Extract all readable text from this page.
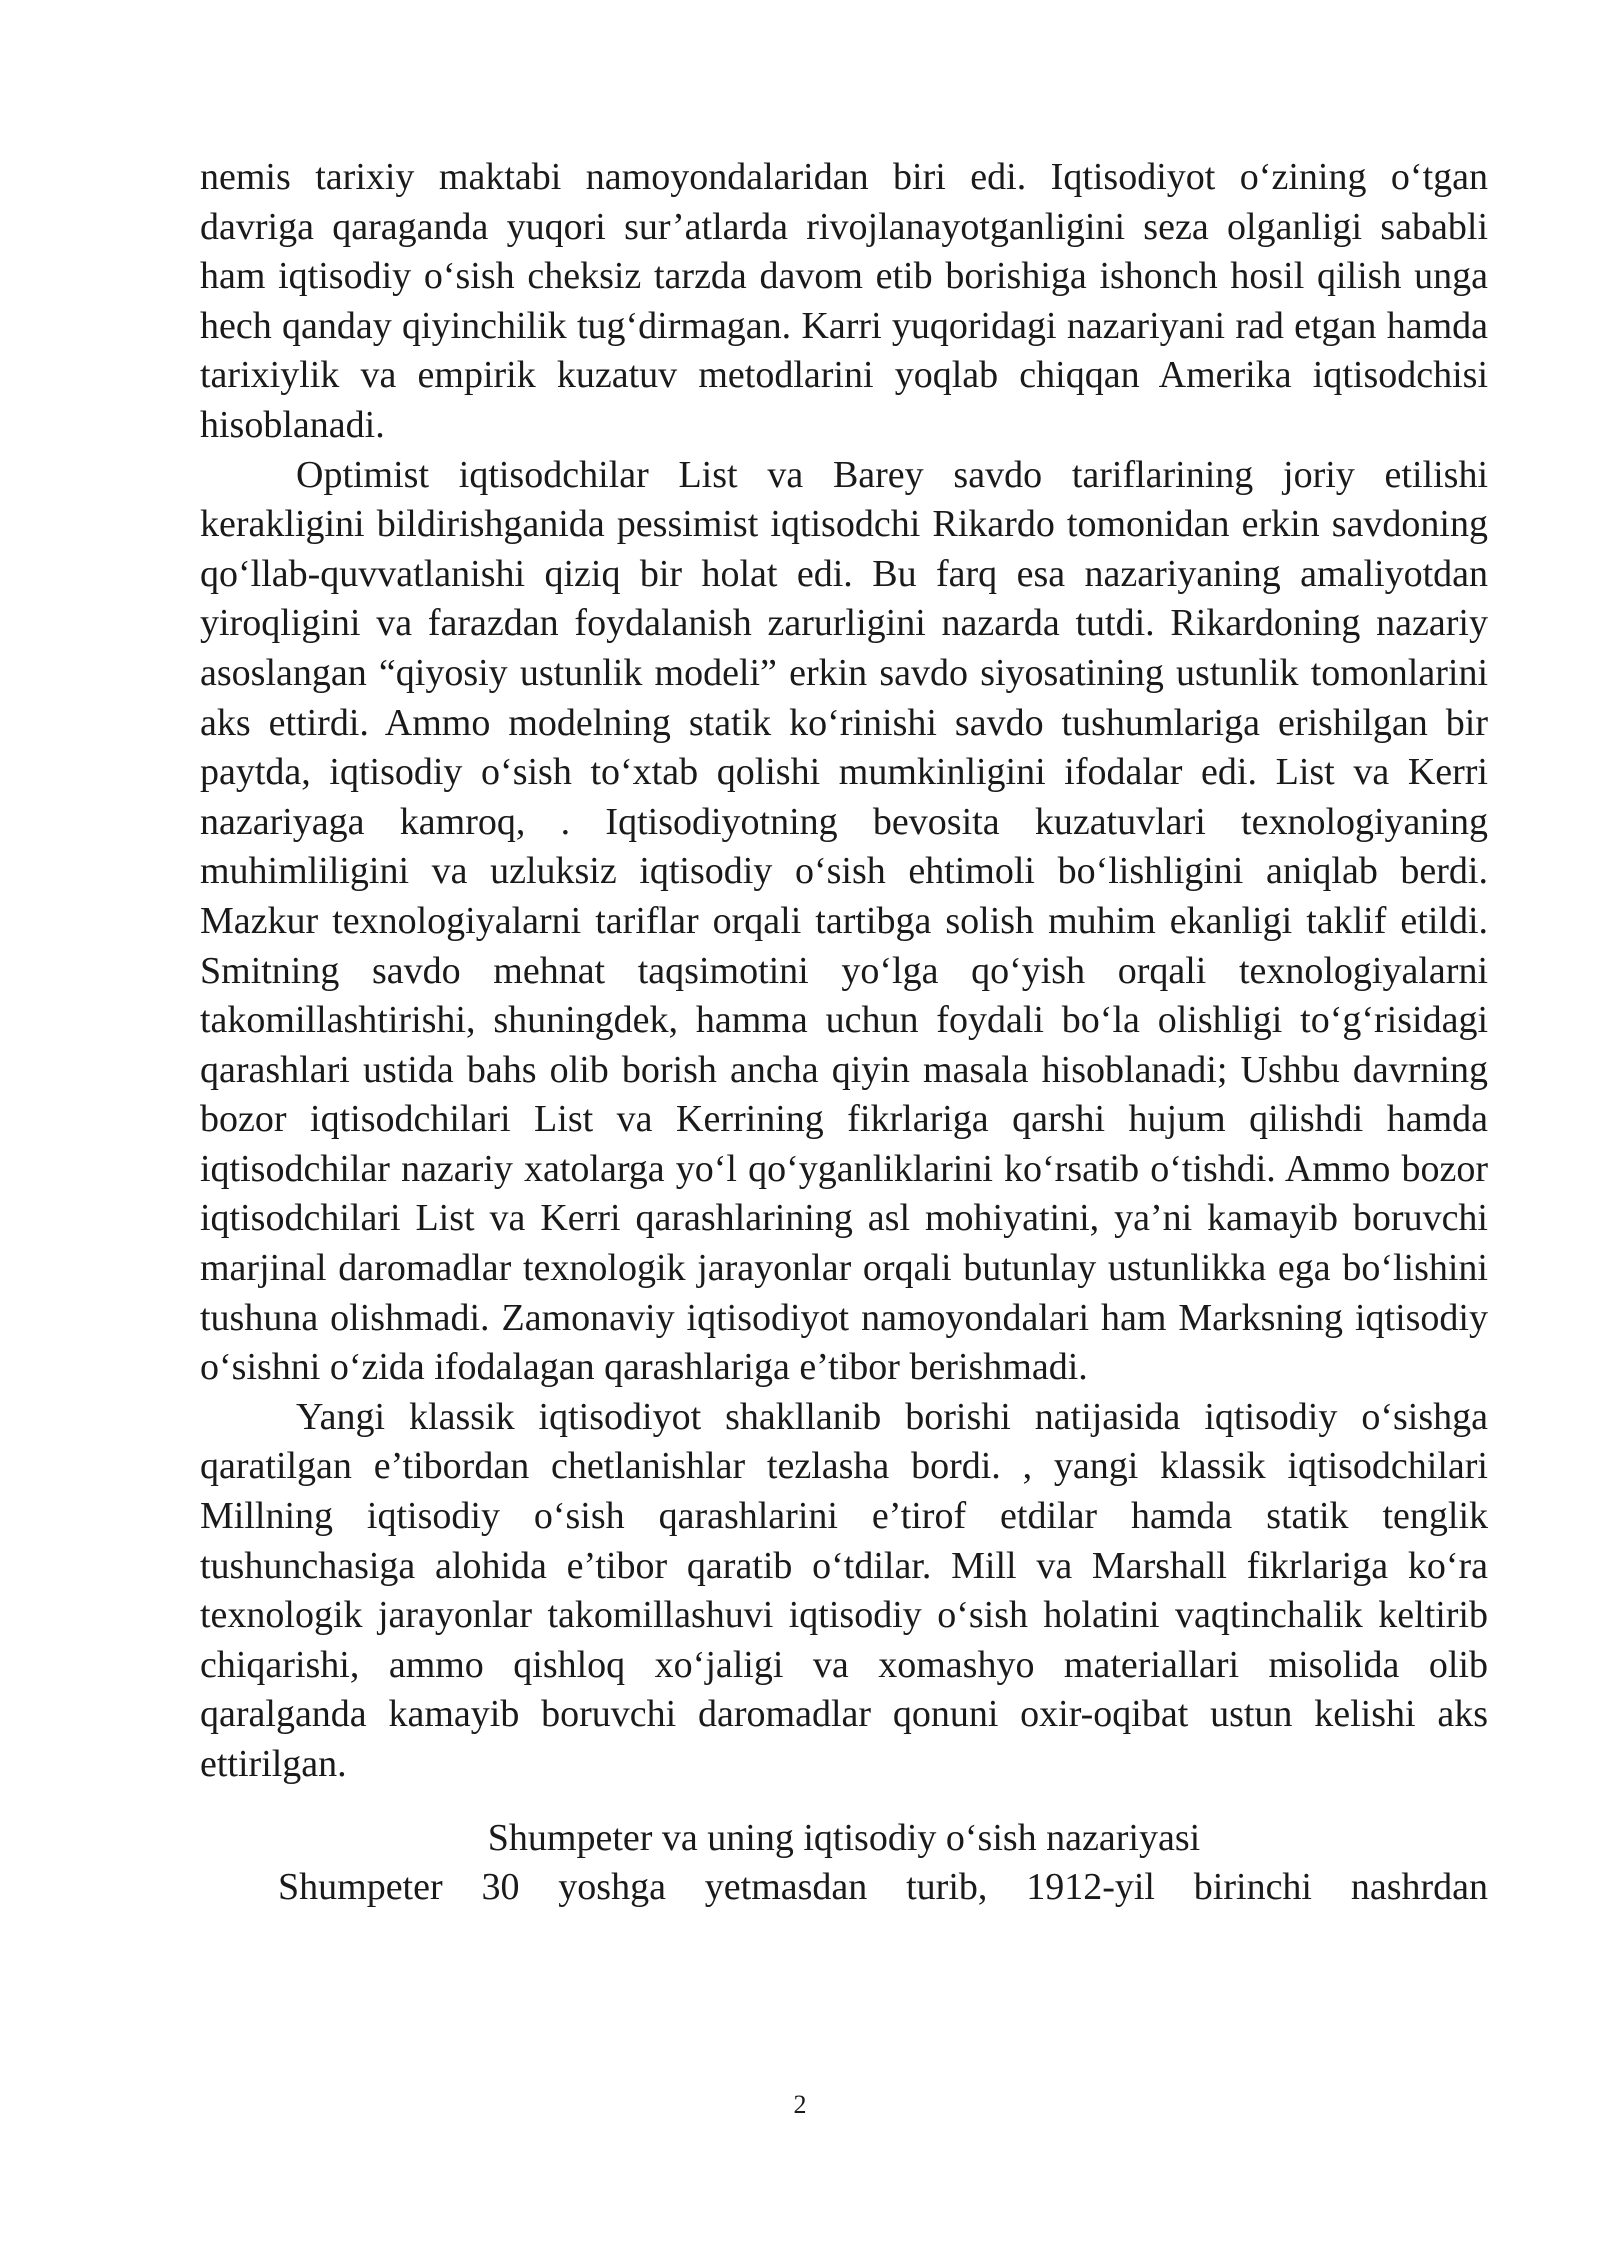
nemis tarixiy maktabi namoyondalaridan biri edi. Iqtisodiyot o‘zining o‘tgan davriga qaraganda yuqori sur’atlarda rivojlanayotganligini seza olganligi sababli ham iqtisodiy o‘sish cheksiz tarzda davom etib borishiga ishonch hosil qilish unga hech qanday qiyinchilik tug‘dirmagan. Karri yuqoridagi nazariyani rad etgan hamda tarixiylik va empirik kuzatuv metodlarini yoqlab chiqqan Amerika iqtisodchisi hisoblanadi.

Optimist iqtisodchilar List va Barey savdo tariflarining joriy etilishi kerakligini bildirishganida pessimist iqtisodchi Rikardo tomonidan erkin savdoning qo‘llab-quvvatlanishi qiziq bir holat edi. Bu farq esa nazariyaning amaliyotdan yiroqligini va farazdan foydalanish zarurligini nazarda tutdi. Rikardoning nazariy asoslangan “qiyosiy ustunlik modeli” erkin savdo siyosatining ustunlik tomonlarini aks ettirdi. Ammo modelning statik ko‘rinishi savdo tushumlariga erishilgan bir paytda, iqtisodiy o‘sish to‘xtab qolishi mumkinligini ifodalar edi. List va Kerri nazariyaga kamroq, . Iqtisodiyotning bevosita kuzatuvlari texnologiyaning muhimliligini va uzluksiz iqtisodiy o‘sish ehtimoli bo‘lishligini aniqlab berdi. Mazkur texnologiyalarni tariflar orqali tartibga solish muhim ekanligi taklif etildi. Smitning savdo mehnat taqsimotini yo‘lga qo‘yish orqali texnologiyalarni takomillashtirishi, shuningdek, hamma uchun foydali bo‘la olishligi to‘g‘risidagi qarashlari ustida bahs olib borish ancha qiyin masala hisoblanadi; Ushbu davrning bozor iqtisodchilari List va Kerrining fikrlariga qarshi hujum qilishdi hamda iqtisodchilar nazariy xatolarga yo‘l qo‘yganliklarini ko‘rsatib o‘tishdi. Ammo bozor iqtisodchilari List va Kerri qarashlarining asl mohiyatini, ya’ni kamayib boruvchi marjinal daromadlar texnologik jarayonlar orqali butunlay ustunlikka ega bo‘lishini tushuna olishmadi. Zamonaviy iqtisodiyot namoyondalari ham Marksning iqtisodiy o‘sishni o‘zida ifodalagan qarashlariga e’tibor berishmadi.

Yangi klassik iqtisodiyot shakllanib borishi natijasida iqtisodiy o‘sishga qaratilgan e’tibordan chetlanishlar tezlasha bordi. , yangi klassik iqtisodchilari Millning iqtisodiy o‘sish qarashlarini e’tirof etdilar hamda statik tenglik tushunchasiga alohida e’tibor qaratib o‘tdilar. Mill va Marshall fikrlariga ko‘ra texnologik jarayonlar takomillashuvi iqtisodiy o‘sish holatini vaqtinchalik keltirib chiqarishi, ammo qishloq xo‘jaligi va xomashyo materiallari misolida olib qaralganda kamayib boruvchi daromadlar qonuni oxir-oqibat ustun kelishi aks ettirilgan.

Shumpeter va uning iqtisodiy o‘sish nazariyasi

Shumpeter 30 yoshga yetmasdan turib, 1912-yil birinchi nashrdan

2
